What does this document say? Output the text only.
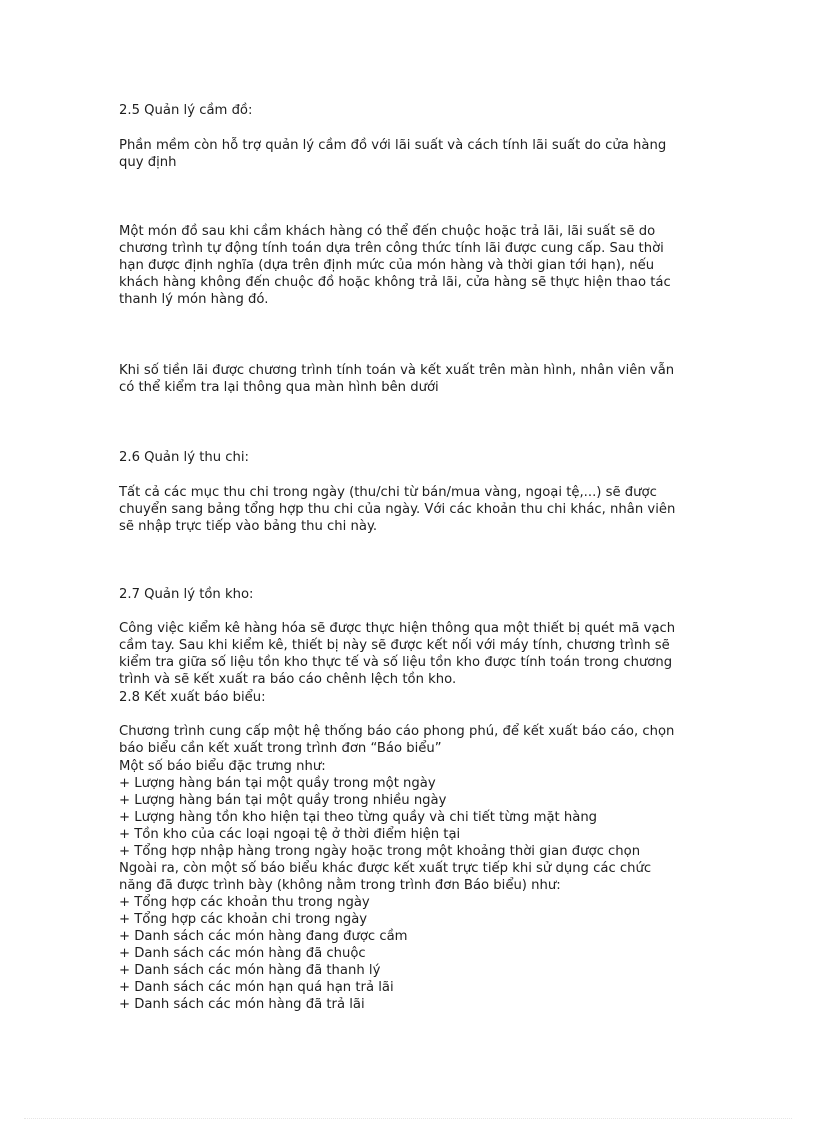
2.5 Quản lý cầm đồ:

Phần mềm còn hỗ trợ quản lý cầm đồ với lãi suất và cách tính lãi suất do cửa hàng
quy định

Một món đồ sau khi cầm khách hàng có thể đến chuộc hoặc trả lãi, lãi suất sẽ do
chương trình tự động tính toán dựa trên công thức tính lãi được cung cấp. Sau thời
hạn được định nghĩa (dựa trên định mức của món hàng và thời gian tới hạn), nếu
khách hàng không đến chuộc đồ hoặc không trả lãi, cửa hàng sẽ thực hiện thao tác
thanh lý món hàng đó.

Khi số tiền lãi được chương trình tính toán và kết xuất trên màn hình, nhân viên vẫn
có thể kiểm tra lại thông qua màn hình bên dưới

2.6 Quản lý thu chi:

Tất cả các mục thu chi trong ngày (thu/chi từ bán/mua vàng, ngoại tệ,...) sẽ được
chuyển sang bảng tổng hợp thu chi của ngày. Với các khoản thu chi khác, nhân viên
sẽ nhập trực tiếp vào bảng thu chi này.

2.7 Quản lý tồn kho:

Công việc kiểm kê hàng hóa sẽ được thực hiện thông qua một thiết bị quét mã vạch
cầm tay. Sau khi kiểm kê, thiết bị này sẽ được kết nối với máy tính, chương trình sẽ
kiểm tra giữa số liệu tồn kho thực tế và số liệu tồn kho được tính toán trong chương
trình và sẽ kết xuất ra báo cáo chênh lệch tồn kho.

2.8 Kết xuất báo biểu:

Chương trình cung cấp một hệ thống báo cáo phong phú, để kết xuất báo cáo, chọn
báo biểu cần kết xuất trong trình đơn “Báo biểu”

Một số báo biểu đặc trưng như:

+ Lượng hàng bán tại một quầy trong một ngày

+ Lượng hàng bán tại một quầy trong nhiều ngày

+ Lượng hàng tồn kho hiện tại theo từng quầy và chi tiết từng mặt hàng

+ Tồn kho của các loại ngoại tệ ở thời điểm hiện tại

+ Tổng hợp nhập hàng trong ngày hoặc trong một khoảng thời gian được chọn

Ngoài ra, còn một số báo biểu khác được kết xuất trực tiếp khi sử dụng các chức
năng đã được trình bày (không nằm trong trình đơn Báo biểu) như:

+ Tổng hợp các khoản thu trong ngày

+ Tổng hợp các khoản chi trong ngày

+ Danh sách các món hàng đang được cầm

+ Danh sách các món hàng đã chuộc

+ Danh sách các món hàng đã thanh lý

+ Danh sách các món hạn quá hạn trả lãi

+ Danh sách các món hàng đã trả lãi
